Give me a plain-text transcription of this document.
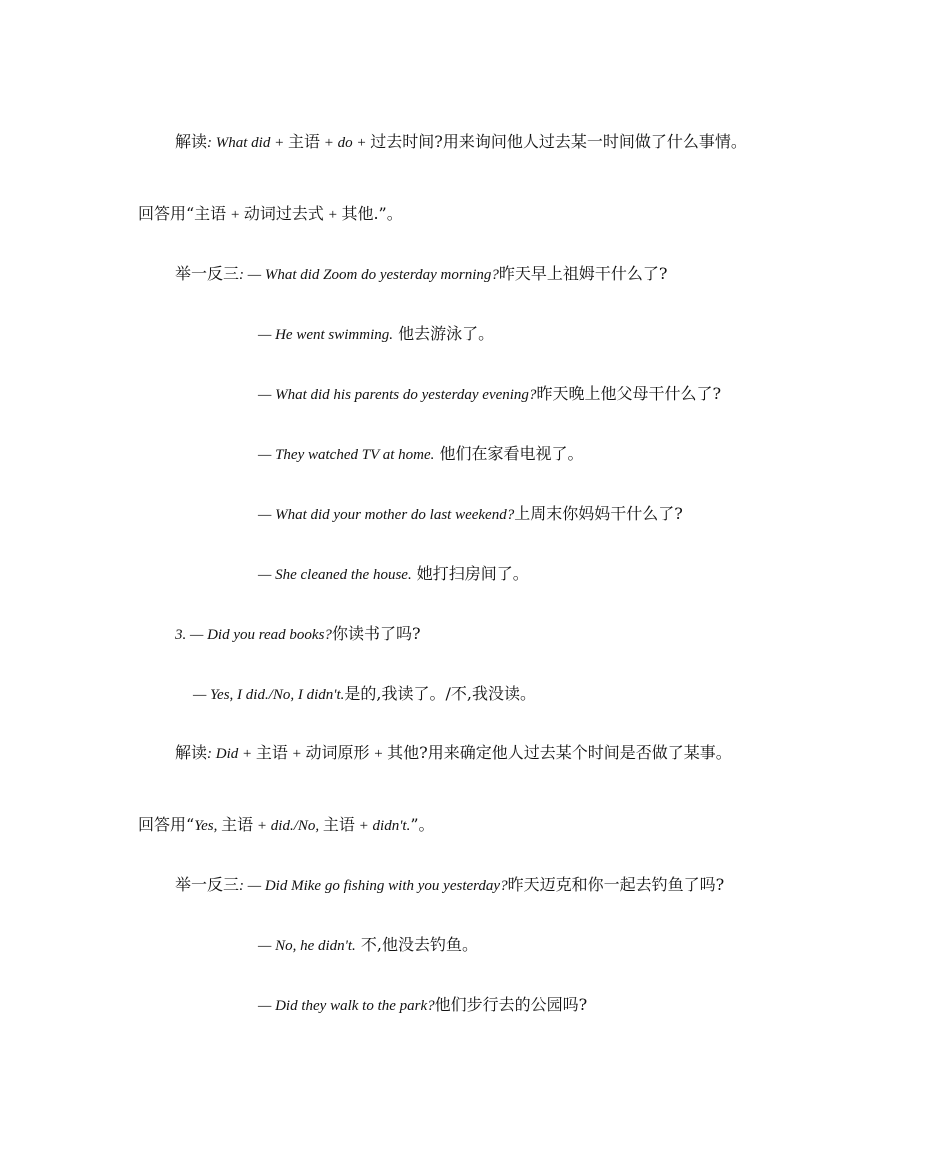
解读: What did + 主语 + do + 过去时间?用来询问他人过去某一时间做了什么事情。
回答用“主语 + 动词过去式 + 其他.”。
举一反三: — What did Zoom do yesterday morning?昨天早上祖姆干什么了?
— He went swimming. 他去游泳了。
— What did his parents do yesterday evening?昨天晚上他父母干什么了?
— They watched TV at home. 他们在家看电视了。
— What did your mother do last weekend?上周末你妈妈干什么了?
— She cleaned the house. 她打扫房间了。
3. — Did you read books?你读书了吗?
— Yes, I did./No, I didn't.是的,我读了。/不,我没读。
解读: Did + 主语 + 动词原形 + 其他?用来确定他人过去某个时间是否做了某事。
回答用“Yes, 主语 + did./No, 主语 + didn't.”。
举一反三: — Did Mike go fishing with you yesterday?昨天迈克和你一起去钓鱼了吗?
— No, he didn't. 不,他没去钓鱼。
— Did they walk to the park?他们步行去的公园吗?
